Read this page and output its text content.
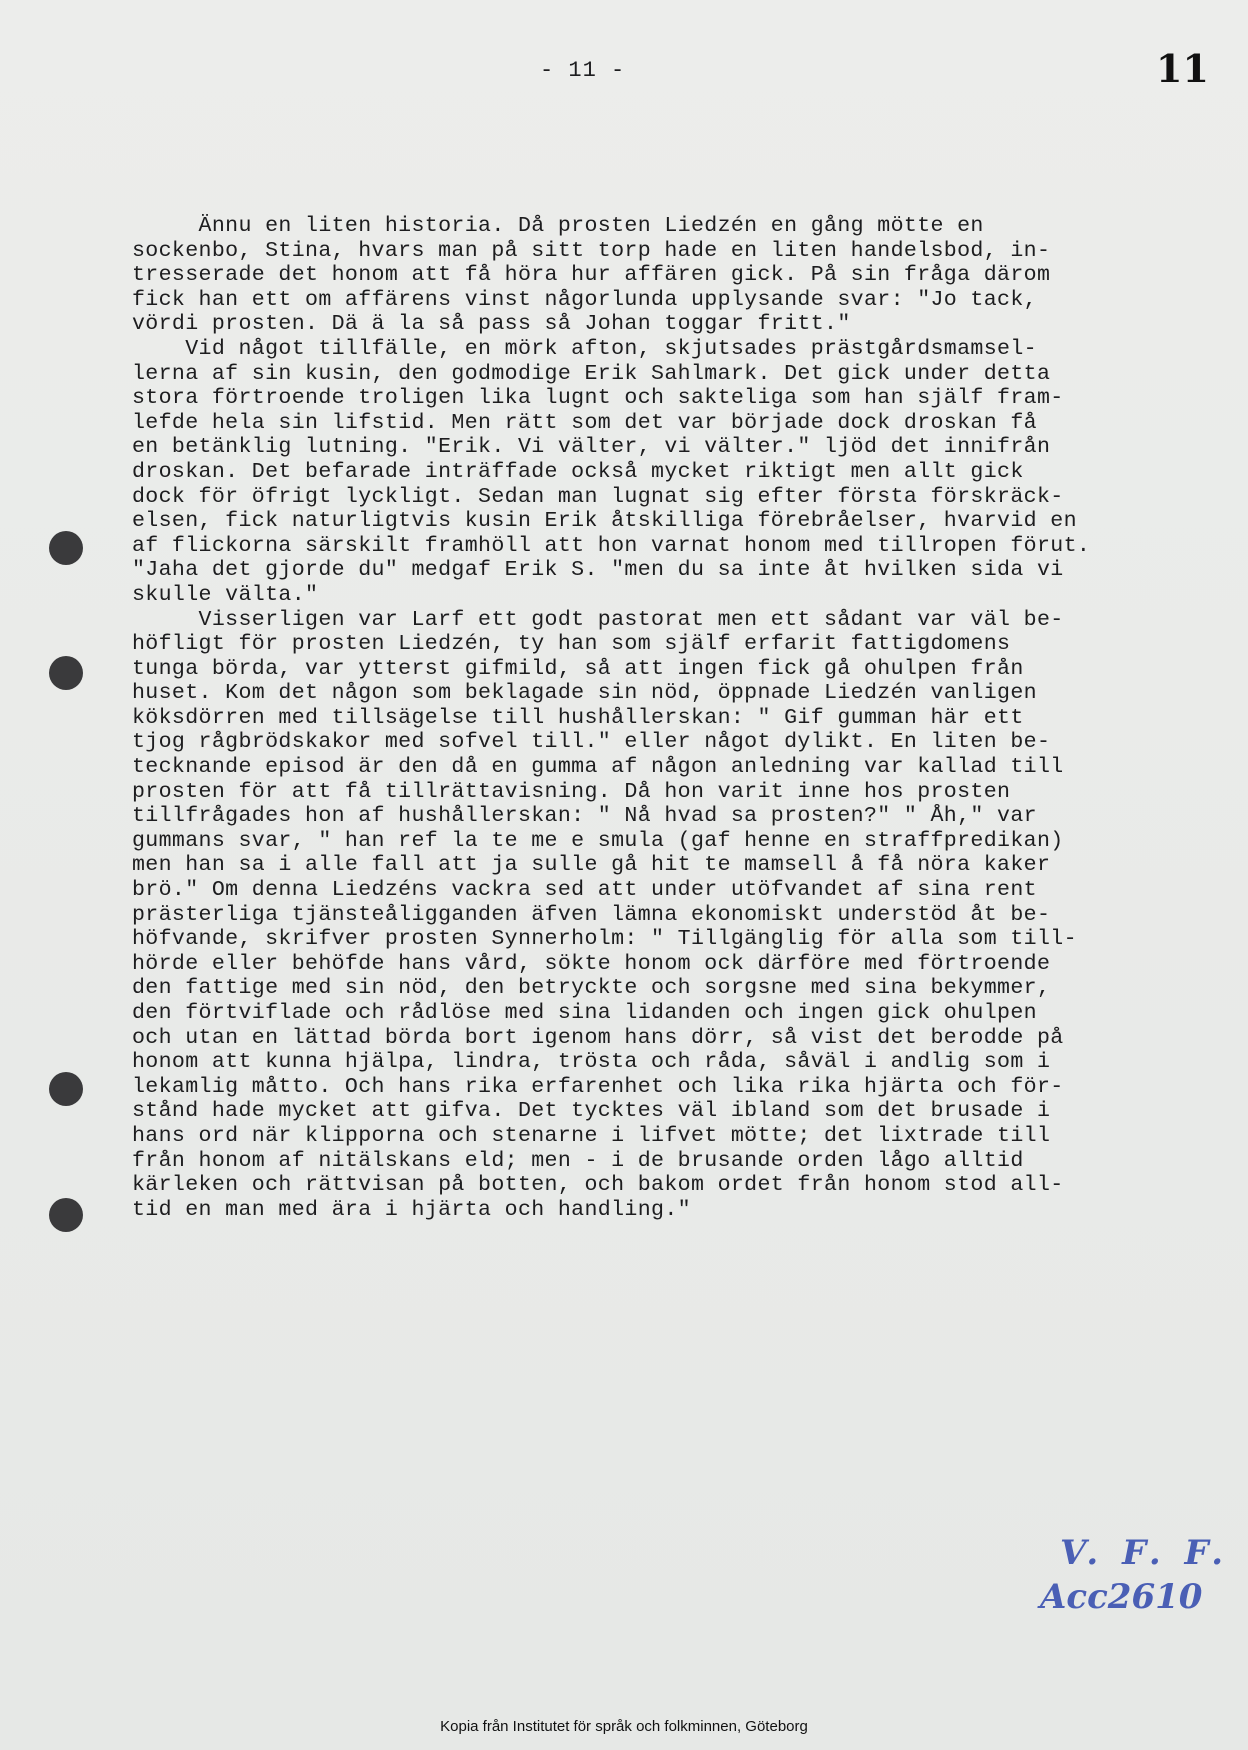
- 11 -	11
Ännu en liten historia. Då prosten Liedzén en gång mötte en
sockenbo, Stina, hvars man på sitt torp hade en liten handelsbod, in-
tresserade det honom att få höra hur affären gick. På sin fråga därom
fick han ett om affärens vinst någorlunda upplysande svar: "Jo tack,
vördi prosten. Dä ä la så pass så Johan toggar fritt."
Vid något tillfälle, en mörk afton, skjutsades prästgårdsmamsel-
lerna af sin kusin, den godmodige Erik Sahlmark. Det gick under detta
stora förtroende troligen lika lugnt och sakteliga som han själf fram-
lefde hela sin lifstid. Men rätt som det var började dock droskan få
en betänklig lutning. "Erik. Vi välter, vi välter." ljöd det innifrån
droskan. Det befarade inträffade också mycket riktigt men allt gick
dock för öfrigt lyckligt. Sedan man lugnat sig efter första förskräck-
elsen, fick naturligtvis kusin Erik åtskilliga förebråelser, hvarvid en
af flickorna särskilt framhöll att hon varnat honom med tillropen förut.
"Jaha det gjorde du" medgaf Erik S. "men du sa inte åt hvilken sida vi
skulle välta."
Visserligen var Larf ett godt pastorat men ett sådant var väl be-
höfligt för prosten Liedzén, ty han som själf erfarit fattigdomens
tunga börda, var ytterst gifmild, så att ingen fick gå ohulpen från
huset. Kom det någon som beklagade sin nöd, öppnade Liedzén vanligen
köksdörren med tillsägelse till hushållerskan: " Gif gumman här ett
tjog rågbrödskakor med sofvel till." eller något dylikt. En liten be-
tecknande episod är den då en gumma af någon anledning var kallad till
prosten för att få tillrättavisning. Då hon varit inne hos prosten
tillfrågades hon af hushållerskan: " Nå hvad sa prosten?" " Åh," var
gummans svar, " han ref la te me e smula (gaf henne en straffpredikan)
men han sa i alle fall att ja sulle gå hit te mamsell å få nöra kaker
brö." Om denna Liedzéns vackra sed att under utöfvandet af sina rent
prästerliga tjänsteåligganden äfven lämna ekonomiskt understöd åt be-
höfvande, skrifver prosten Synnerholm: " Tillgänglig för alla som till-
hörde eller behöfde hans vård, sökte honom ock därföre med förtroende
den fattige med sin nöd, den betryckte och sorgsne med sina bekymmer,
den förtviflade och rådlöse med sina lidanden och ingen gick ohulpen
och utan en lättad börda bort igenom hans dörr, så vist det berodde på
honom att kunna hjälpa, lindra, trösta och råda, såväl i andlig som i
lekamlig måtto. Och hans rika erfarenhet och lika rika hjärta och för-
stånd hade mycket att gifva. Det tycktes väl ibland som det brusade i
hans ord när klipporna och stenarne i lifvet mötte; det lixtrade till
från honom af nitälskans eld; men - i de brusande orden lågo alltid
kärleken och rättvisan på botten, och bakom ordet från honom stod all-
tid en man med ära i hjärta och handling."
V. F. F.
Acc2610
Kopia från Institutet för språk och folkminnen, Göteborg
